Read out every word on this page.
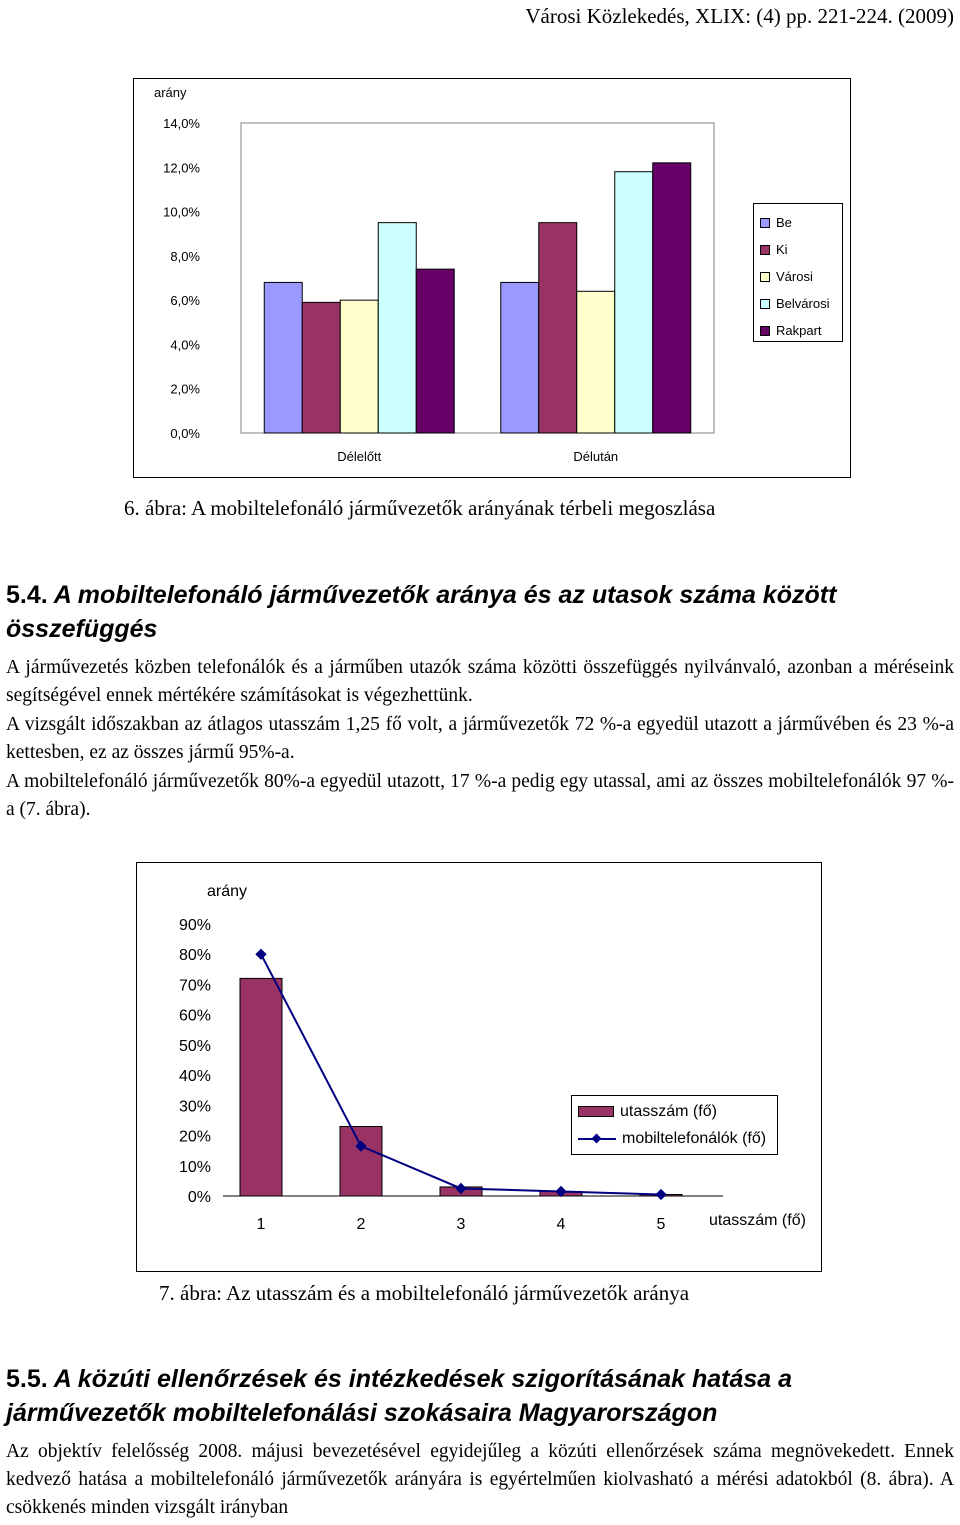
Városi Közlekedés, XLIX: (4) pp. 221-224. (2009)
arány
0,0%
2,0%
4,0%
6,0%
8,0%
10,0%
12,0%
14,0%
Délelőtt	Délután
Be
Ki
Városi
Belvárosi
Rakpart
6. ábra: A mobiltelefonáló járművezetők arányának térbeli megoszlása
5.4. A mobiltelefonáló járművezetők aránya és az utasok száma között összefüggés

A járművezetés közben telefonálók és a járműben utazók száma közötti összefüggés nyilvánvaló, azonban a méréseink segítségével ennek mértékére számításokat is végezhettünk.

A vizsgált időszakban az átlagos utasszám 1,25 fő volt, a járművezetők 72 %-a egyedül utazott a járművében és 23 %-a kettesben, ez az összes jármű 95%-a.

A mobiltelefonáló járművezetők 80%-a egyedül utazott, 17 %-a pedig egy utassal, ami az összes mobiltelefonálók 97 %-a (7. ábra).

arány
0%
10%
20%
30%
40%
50%
60%
70%
80%
90%
1	2	3	4	5	utasszám (fő)
utasszám (fő)
mobiltelefonálók (fő)
7. ábra: Az utasszám és a mobiltelefonáló járművezetők aránya
5.5. A közúti ellenőrzések és intézkedések szigorításának hatása a járművezetők mobiltelefonálási szokásaira Magyarországon

Az objektív felelősség 2008. májusi bevezetésével egyidejűleg a közúti ellenőrzések száma megnövekedett. Ennek kedvező hatása a mobiltelefonáló járművezetők arányára is egyértelműen kiolvasható a mérési adatokból (8. ábra). A csökkenés minden vizsgált irányban
